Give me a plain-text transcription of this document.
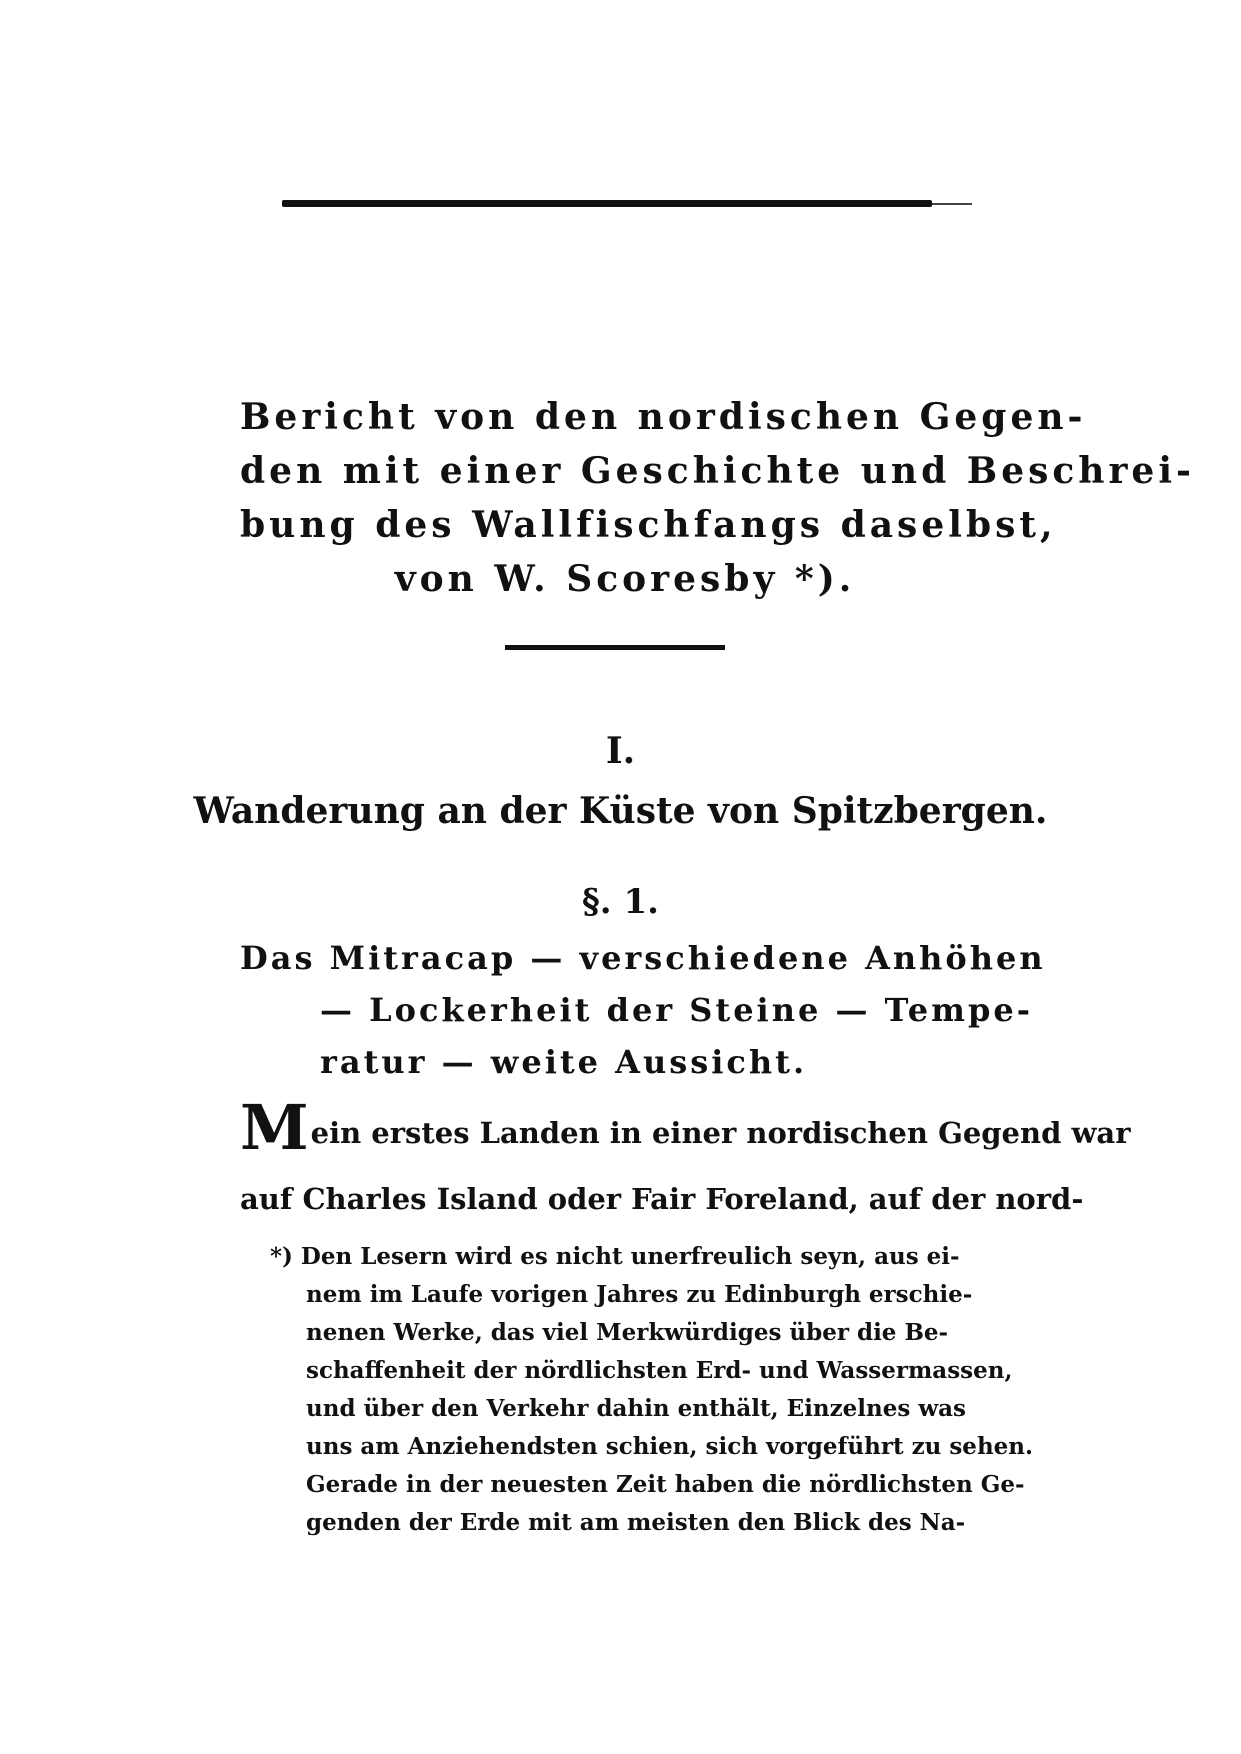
Bericht von den nordischen Gegen-
den mit einer Geschichte und Beschrei-
bung des Wallfischfangs daselbst,
von W. Scoresby *).
I.
Wanderung an der Küste von Spitzbergen.
§. 1.
Das Mitracap — verschiedene Anhöhen
— Lockerheit der Steine — Tempe-
ratur — weite Aussicht.
Mein erstes Landen in einer nordischen Gegend war
auf Charles Island oder Fair Foreland, auf der nord-
*) Den Lesern wird es nicht unerfreulich seyn, aus ei-
nem im Laufe vorigen Jahres zu Edinburgh erschie-
nenen Werke, das viel Merkwürdiges über die Be-
schaffenheit der nördlichsten Erd- und Wassermassen,
und über den Verkehr dahin enthält, Einzelnes was
uns am Anziehendsten schien, sich vorgeführt zu sehen.
Gerade in der neuesten Zeit haben die nördlichsten Ge-
genden der Erde mit am meisten den Blick des Na-
